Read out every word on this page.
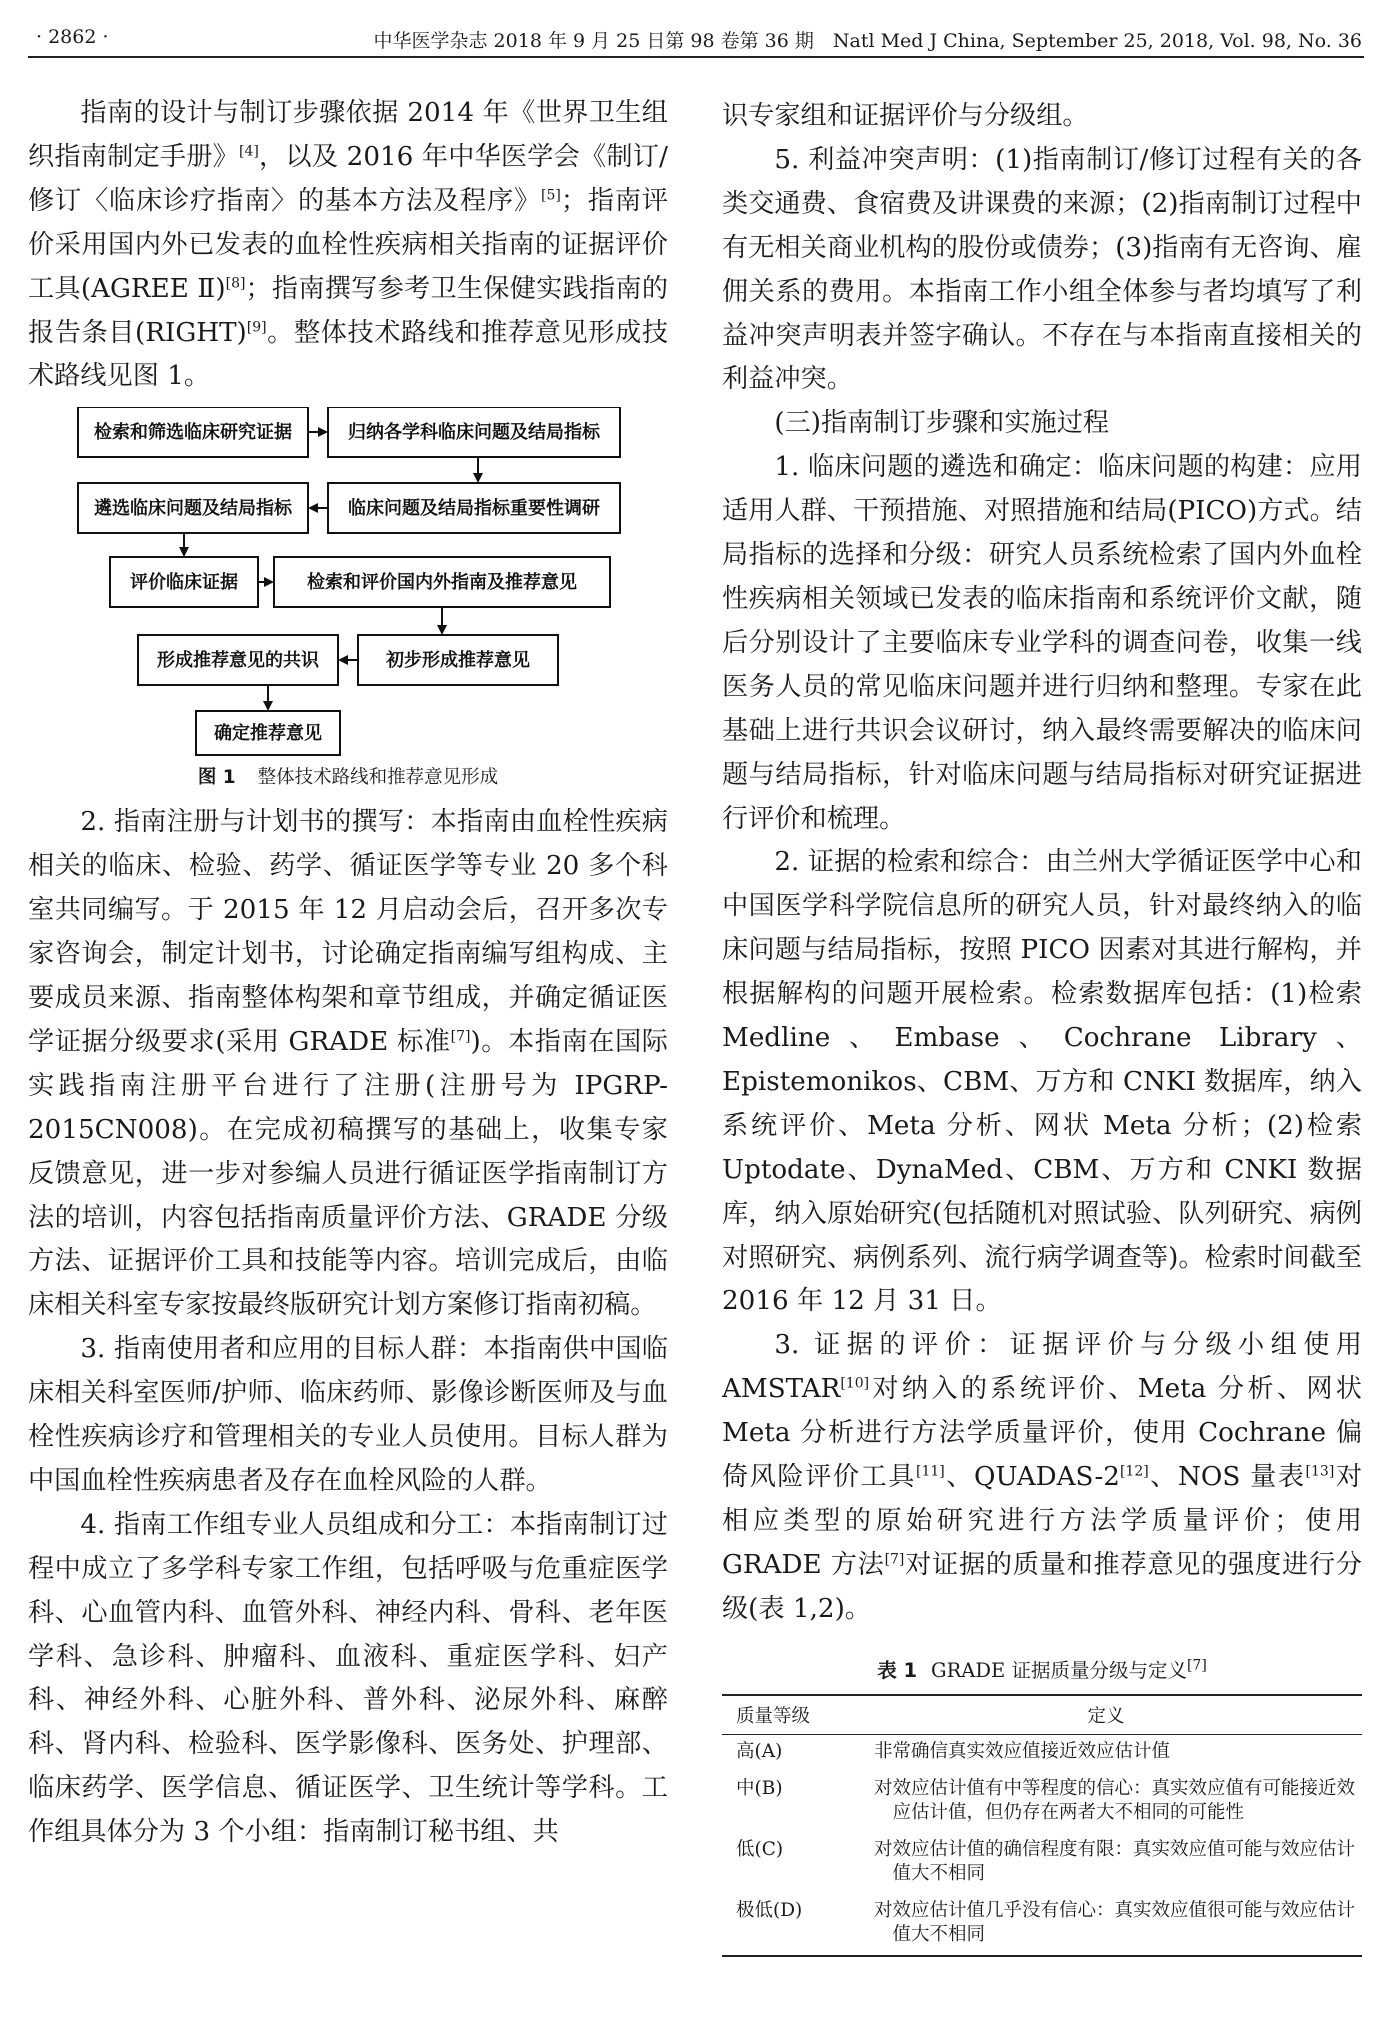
· 2862 ·	中华医学杂志 2018 年 9 月 25 日第 98 卷第 36 期　Natl Med J China, September 25, 2018, Vol. 98, No. 36

指南的设计与制订步骤依据 2014 年《世界卫生组织指南制定手册》[4]，以及 2016 年中华医学会《制订/修订〈临床诊疗指南〉的基本方法及程序》[5]；指南评价采用国内外已发表的血栓性疾病相关指南的证据评价工具(AGREE Ⅱ)[8]；指南撰写参考卫生保健实践指南的报告条目(RIGHT)[9]。整体技术路线和推荐意见形成技术路线见图 1。

检索和筛选临床研究证据	归纳各学科临床问题及结局指标
遴选临床问题及结局指标	临床问题及结局指标重要性调研
评价临床证据	检索和评价国内外指南及推荐意见
形成推荐意见的共识	初步形成推荐意见
确定推荐意见
图 1 整体技术路线和推荐意见形成

2. 指南注册与计划书的撰写：本指南由血栓性疾病相关的临床、检验、药学、循证医学等专业 20 多个科室共同编写。于 2015 年 12 月启动会后，召开多次专家咨询会，制定计划书，讨论确定指南编写组构成、主要成员来源、指南整体构架和章节组成，并确定循证医学证据分级要求(采用 GRADE 标准[7])。本指南在国际实践指南注册平台进行了注册(注册号为 IPGRP-2015CN008)。在完成初稿撰写的基础上，收集专家反馈意见，进一步对参编人员进行循证医学指南制订方法的培训，内容包括指南质量评价方法、GRADE 分级方法、证据评价工具和技能等内容。培训完成后，由临床相关科室专家按最终版研究计划方案修订指南初稿。

3. 指南使用者和应用的目标人群：本指南供中国临床相关科室医师/护师、临床药师、影像诊断医师及与血栓性疾病诊疗和管理相关的专业人员使用。目标人群为中国血栓性疾病患者及存在血栓风险的人群。

4. 指南工作组专业人员组成和分工：本指南制订过程中成立了多学科专家工作组，包括呼吸与危重症医学科、心血管内科、血管外科、神经内科、骨科、老年医学科、急诊科、肿瘤科、血液科、重症医学科、妇产科、神经外科、心脏外科、普外科、泌尿外科、麻醉科、肾内科、检验科、医学影像科、医务处、护理部、临床药学、医学信息、循证医学、卫生统计等学科。工作组具体分为 3 个小组：指南制订秘书组、共

识专家组和证据评价与分级组。

5. 利益冲突声明：(1)指南制订/修订过程有关的各类交通费、食宿费及讲课费的来源；(2)指南制订过程中有无相关商业机构的股份或债券；(3)指南有无咨询、雇佣关系的费用。本指南工作小组全体参与者均填写了利益冲突声明表并签字确认。不存在与本指南直接相关的利益冲突。

(三)指南制订步骤和实施过程

1. 临床问题的遴选和确定：临床问题的构建：应用适用人群、干预措施、对照措施和结局(PICO)方式。结局指标的选择和分级：研究人员系统检索了国内外血栓性疾病相关领域已发表的临床指南和系统评价文献，随后分别设计了主要临床专业学科的调查问卷，收集一线医务人员的常见临床问题并进行归纳和整理。专家在此基础上进行共识会议研讨，纳入最终需要解决的临床问题与结局指标，针对临床问题与结局指标对研究证据进行评价和梳理。

2. 证据的检索和综合：由兰州大学循证医学中心和中国医学科学院信息所的研究人员，针对最终纳入的临床问题与结局指标，按照 PICO 因素对其进行解构，并根据解构的问题开展检索。检索数据库包括：(1)检索 Medline、Embase、Cochrane Library、Epistemonikos、CBM、万方和 CNKI 数据库，纳入系统评价、Meta 分析、网状 Meta 分析；(2)检索 Uptodate、DynaMed、CBM、万方和 CNKI 数据库，纳入原始研究(包括随机对照试验、队列研究、病例对照研究、病例系列、流行病学调查等)。检索时间截至 2016 年 12 月 31 日。

3. 证据的评价：证据评价与分级小组使用 AMSTAR[10]对纳入的系统评价、Meta 分析、网状 Meta 分析进行方法学质量评价，使用 Cochrane 偏倚风险评价工具[11]、QUADAS-2[12]、NOS 量表[13]对相应类型的原始研究进行方法学质量评价；使用 GRADE 方法[7]对证据的质量和推荐意见的强度进行分级(表 1,2)。

表 1 GRADE 证据质量分级与定义[7]
质量等级	定义
高(A)	非常确信真实效应值接近效应估计值

中(B)	对效应估计值有中等程度的信心：真实效应值有可能接近效应估计值，但仍存在两者大不相同的可能性

低(C)	对效应估计值的确信程度有限：真实效应值可能与效应估计值大不相同

极低(D)	对效应估计值几乎没有信心：真实效应值很可能与效应估计值大不相同
